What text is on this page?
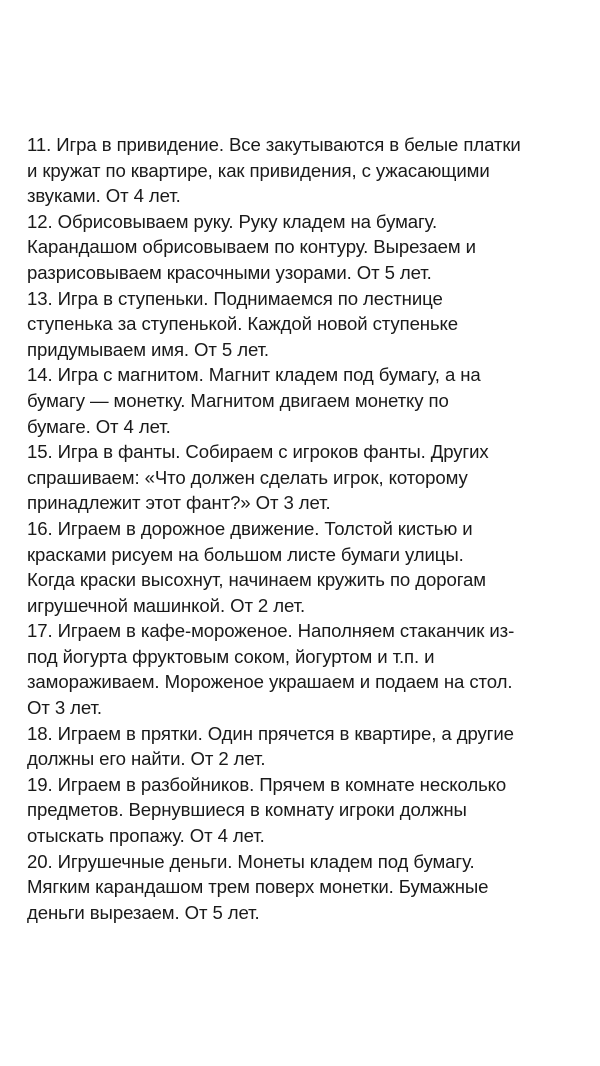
11. Игра в привидение. Все закутываются в белые платки
и кружат по квартире, как привидения, с ужасающими
звуками. От 4 лет.
12. Обрисовываем руку. Руку кладем на бумагу.
Карандашом обрисовываем по контуру. Вырезаем и
разрисовываем красочными узорами. От 5 лет.
13. Игра в ступеньки. Поднимаемся по лестнице
ступенька за ступенькой. Каждой новой ступеньке
придумываем имя. От 5 лет.
14. Игра с магнитом. Магнит кладем под бумагу, а на
бумагу — монетку. Магнитом двигаем монетку по
бумаге. От 4 лет.
15. Игра в фанты. Собираем с игроков фанты. Других
спрашиваем: «Что должен сделать игрок, которому
принадлежит этот фант?» От 3 лет.
16. Играем в дорожное движение. Толстой кистью и
красками рисуем на большом листе бумаги улицы.
Когда краски высохнут, начинаем кружить по дорогам
игрушечной машинкой. От 2 лет.
17. Играем в кафе-мороженое. Наполняем стаканчик из-
под йогурта фруктовым соком, йогуртом и т.п. и
замораживаем. Мороженое украшаем и подаем на стол.
От 3 лет.
18. Играем в прятки. Один прячется в квартире, а другие
должны его найти. От 2 лет.
19. Играем в разбойников. Прячем в комнате несколько
предметов. Вернувшиеся в комнату игроки должны
отыскать пропажу. От 4 лет.
20. Игрушечные деньги. Монеты кладем под бумагу.
Мягким карандашом трем поверх монетки. Бумажные
деньги вырезаем. От 5 лет.
